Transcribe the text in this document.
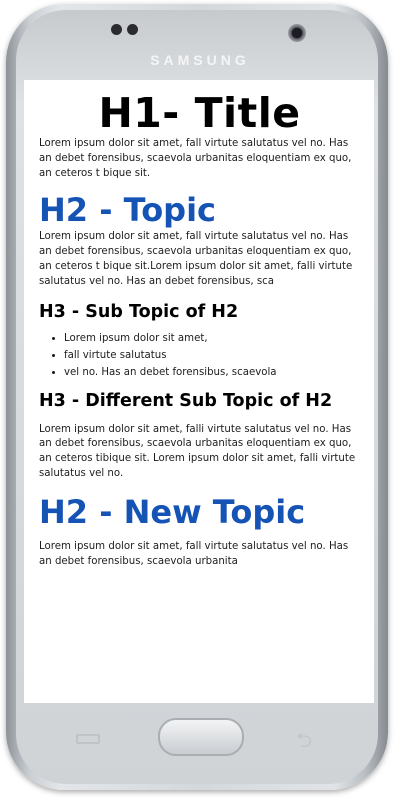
SAMSUNG
H1- Title

Lorem ipsum dolor sit amet, fall virtute salutatus vel no. Has an debet forensibus, scaevola urbanitas eloquentiam ex quo, an ceteros t bique sit.

H2 - Topic

Lorem ipsum dolor sit amet, fall virtute salutatus vel no. Has an debet forensibus, scaevola urbanitas eloquentiam ex quo, an ceteros t bique sit.Lorem ipsum dolor sit amet, falli virtute salutatus vel no. Has an debet forensibus, sca

H3 - Sub Topic of H2
• Lorem ipsum dolor sit amet,
• fall virtute salutatus
• vel no. Has an debet forensibus, scaevola
H3 - Different Sub Topic of H2

Lorem ipsum dolor sit amet, falli virtute salutatus vel no. Has an debet forensibus, scaevola urbanitas eloquentiam ex quo, an ceteros tibique sit. Lorem ipsum dolor sit amet, falli virtute salutatus vel no.

H2 - New Topic

Lorem ipsum dolor sit amet, fall virtute salutatus vel no. Has an debet forensibus, scaevola urbanita

⮌
